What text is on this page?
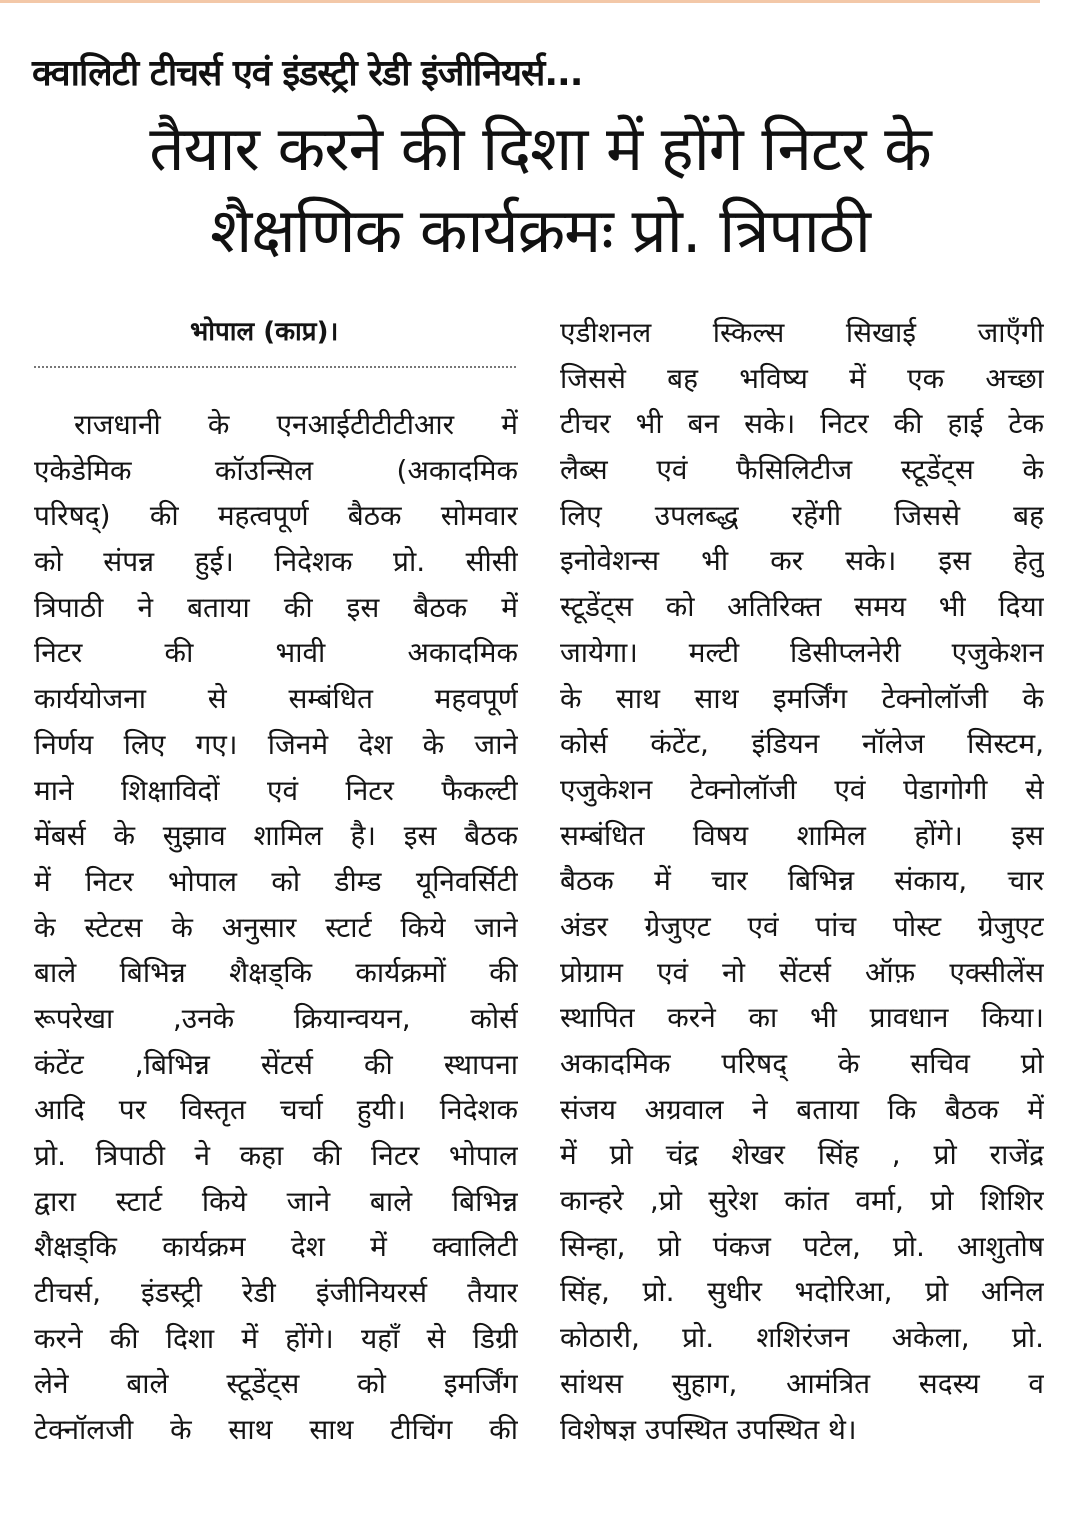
क्वालिटी टीचर्स एवं इंडस्ट्री रेडी इंजीनियर्स...
तैयार करने की दिशा में होंगे निटर के
शैक्षणिक कार्यक्रमः प्रो. त्रिपाठी
भोपाल (काप्र)।
राजधानी के एनआईटीटीटीआर में
एकेडेमिक कॉउन्सिल (अकादमिक
परिषद्) की महत्वपूर्ण बैठक सोमवार
को संपन्न हुई। निदेशक प्रो. सीसी
त्रिपाठी ने बताया की इस बैठक में
निटर की भावी अकादमिक
कार्ययोजना से सम्बंधित महवपूर्ण
निर्णय लिए गए। जिनमे देश के जाने
माने शिक्षाविदों एवं निटर फैकल्टी
मेंबर्स के सुझाव शामिल है। इस बैठक
में निटर भोपाल को डीम्ड यूनिवर्सिटी
के स्टेटस के अनुसार स्टार्ट किये जाने
बाले बिभिन्न शैक्षड्कि कार्यक्रमों की
रूपरेखा ,उनके क्रियान्वयन, कोर्स
कंटेंट ,बिभिन्न सेंटर्स की स्थापना
आदि पर विस्तृत चर्चा हुयी। निदेशक
प्रो. त्रिपाठी ने कहा की निटर भोपाल
द्वारा स्टार्ट किये जाने बाले बिभिन्न
शैक्षड्कि कार्यक्रम देश में क्वालिटी
टीचर्स, इंडस्ट्री रेडी इंजीनियरर्स तैयार
करने की दिशा में होंगे। यहाँ से डिग्री
लेने बाले स्टूडेंट्स को इमर्जिंग
टेक्नॉलजी के साथ साथ टीचिंग की
एडीशनल स्किल्स सिखाई जाएँगी
जिससे बह भविष्य में एक अच्छा
टीचर भी बन सके। निटर की हाई टेक
लैब्स एवं फैसिलिटीज स्टूडेंट्स के
लिए उपलब्द्ध रहेंगी जिससे बह
इनोवेशन्स भी कर सके। इस हेतु
स्टूडेंट्स को अतिरिक्त समय भी दिया
जायेगा। मल्टी डिसीप्लनेरी एजुकेशन
के साथ साथ इमर्जिंग टेक्नोलॉजी के
कोर्स कंटेंट, इंडियन नॉलेज सिस्टम,
एजुकेशन टेक्नोलॉजी एवं पेडागोगी से
सम्बंधित विषय शामिल होंगे। इस
बैठक में चार बिभिन्न संकाय, चार
अंडर ग्रेजुएट एवं पांच पोस्ट ग्रेजुएट
प्रोग्राम एवं नो सेंटर्स ऑफ़ एक्सीलेंस
स्थापित करने का भी प्रावधान किया।
अकादमिक परिषद् के सचिव प्रो
संजय अग्रवाल ने बताया कि बैठक में
में प्रो चंद्र शेखर सिंह , प्रो राजेंद्र
कान्हरे ,प्रो सुरेश कांत वर्मा, प्रो शिशिर
सिन्हा, प्रो पंकज पटेल, प्रो. आशुतोष
सिंह, प्रो. सुधीर भदोरिआ, प्रो अनिल
कोठारी, प्रो. शशिरंजन अकेला, प्रो.
सांथस सुहाग, आमंत्रित सदस्य व
विशेषज्ञ उपस्थित उपस्थित थे।
